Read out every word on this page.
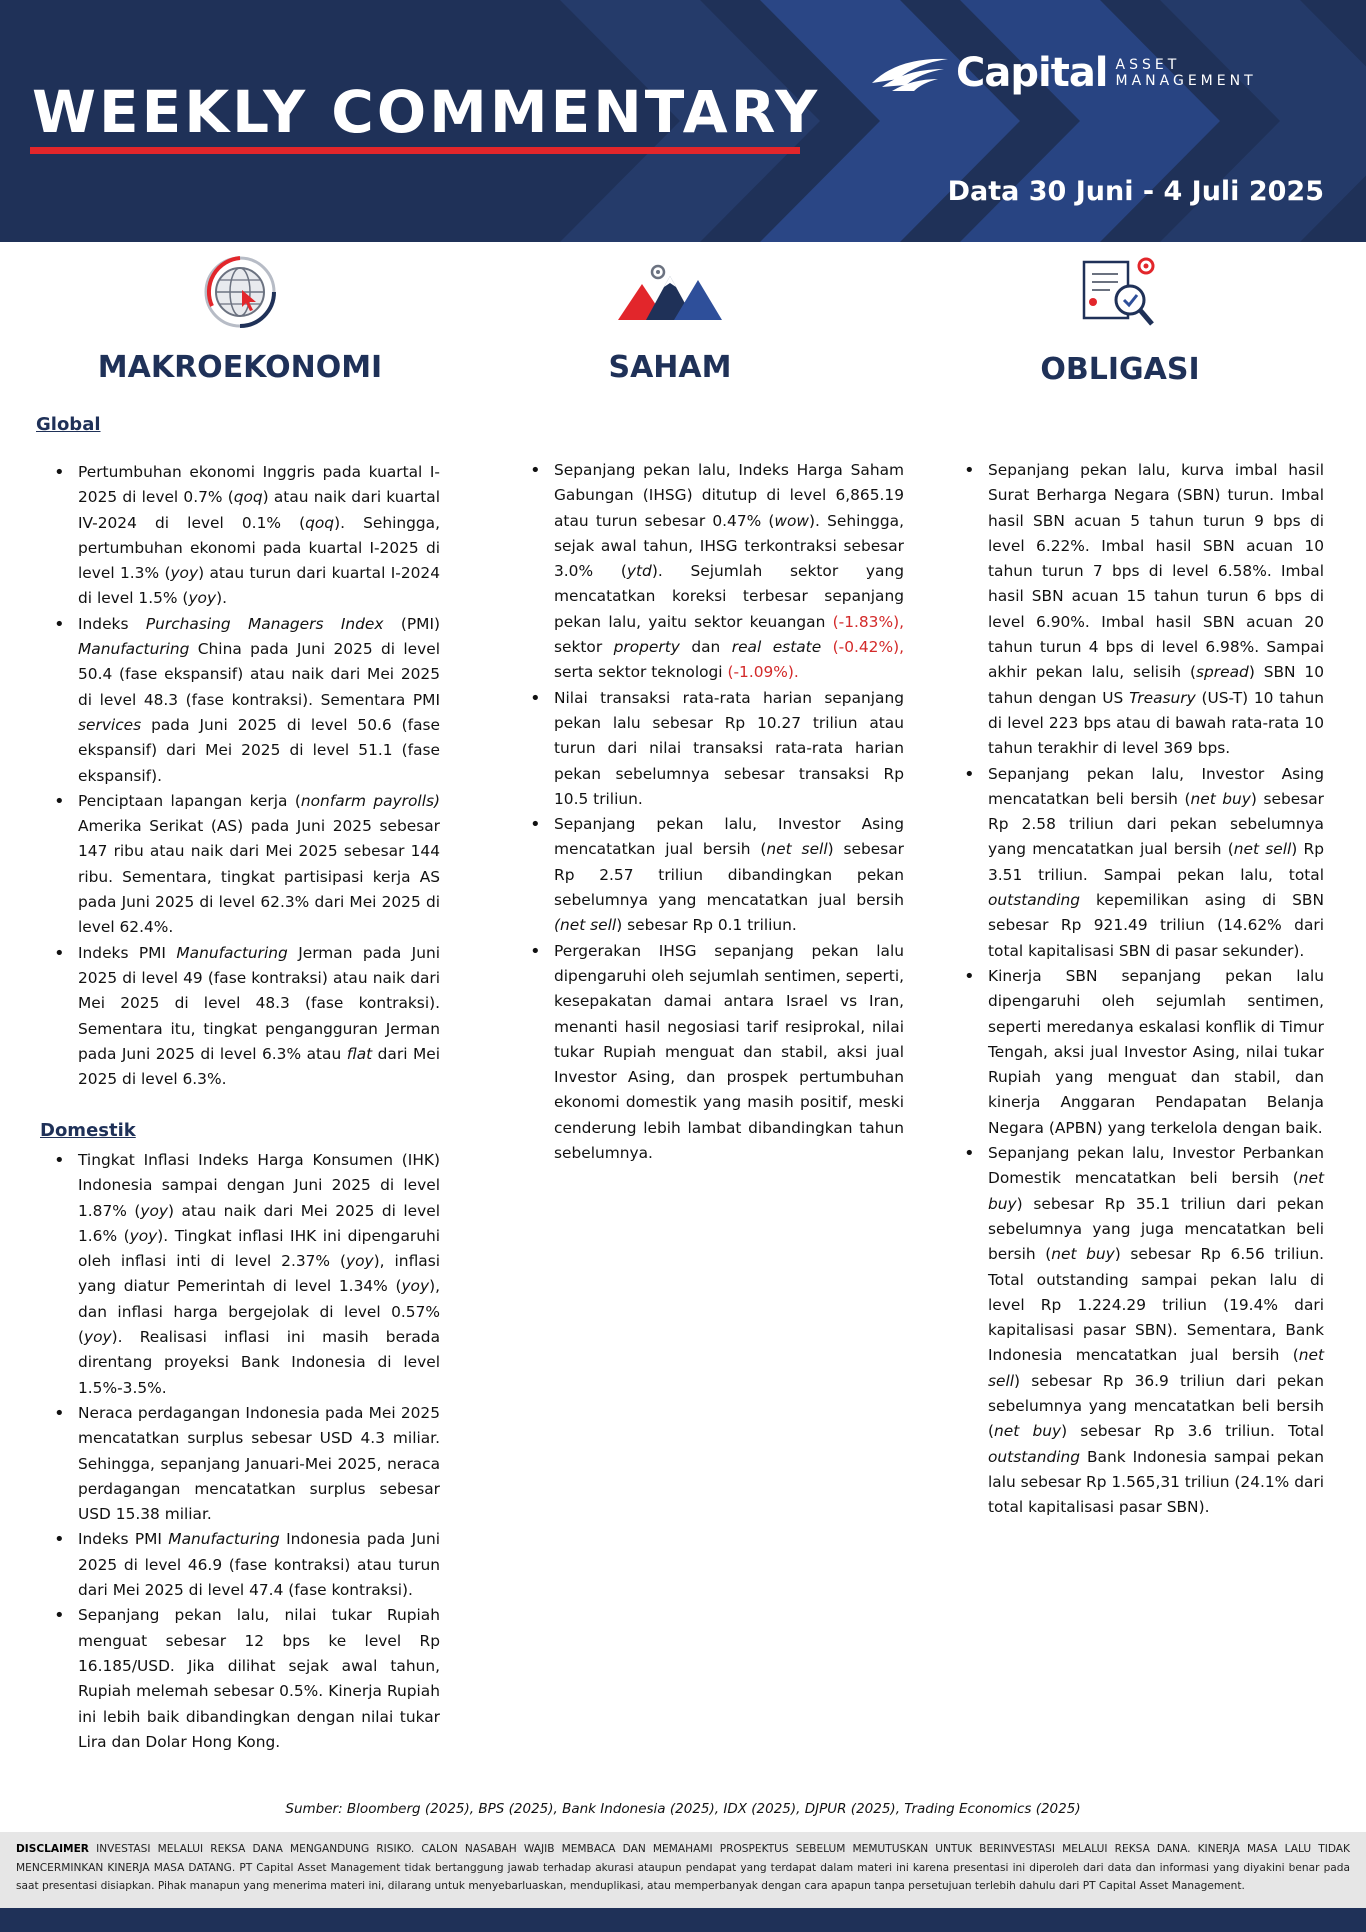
WEEKLY COMMENTARY
Capital ASSET
MANAGEMENT
Data 30 Juni - 4 Juli 2025
MAKROEKONOMI	SAHAM	OBLIGASI
Global
• Pertumbuhan ekonomi Inggris pada kuartal I-2025 di level 0.7% (qoq) atau naik dari kuartal IV-2024 di level 0.1% (qoq). Sehingga, pertumbuhan ekonomi pada kuartal I-2025 di level 1.3% (yoy) atau turun dari kuartal I-2024 di level 1.5% (yoy).
• Indeks Purchasing Managers Index (PMI) Manufacturing China pada Juni 2025 di level 50.4 (fase ekspansif) atau naik dari Mei 2025 di level 48.3 (fase kontraksi). Sementara PMI services pada Juni 2025 di level 50.6 (fase ekspansif) dari Mei 2025 di level 51.1 (fase ekspansif).
• Penciptaan lapangan kerja (nonfarm payrolls) Amerika Serikat (AS) pada Juni 2025 sebesar 147 ribu atau naik dari Mei 2025 sebesar 144 ribu. Sementara, tingkat partisipasi kerja AS pada Juni 2025 di level 62.3% dari Mei 2025 di level 62.4%.
• Indeks PMI Manufacturing Jerman pada Juni 2025 di level 49 (fase kontraksi) atau naik dari Mei 2025 di level 48.3 (fase kontraksi). Sementara itu, tingkat pengangguran Jerman pada Juni 2025 di level 6.3% atau flat dari Mei 2025 di level 6.3%.
Domestik
• Tingkat Inflasi Indeks Harga Konsumen (IHK) Indonesia sampai dengan Juni 2025 di level 1.87% (yoy) atau naik dari Mei 2025 di level 1.6% (yoy). Tingkat inflasi IHK ini dipengaruhi oleh inflasi inti di level 2.37% (yoy), inflasi yang diatur Pemerintah di level 1.34% (yoy), dan inflasi harga bergejolak di level 0.57% (yoy). Realisasi inflasi ini masih berada direntang proyeksi Bank Indonesia di level 1.5%-3.5%.
• Neraca perdagangan Indonesia pada Mei 2025 mencatatkan surplus sebesar USD 4.3 miliar. Sehingga, sepanjang Januari-Mei 2025, neraca perdagangan mencatatkan surplus sebesar USD 15.38 miliar.
• Indeks PMI Manufacturing Indonesia pada Juni 2025 di level 46.9 (fase kontraksi) atau turun dari Mei 2025 di level 47.4 (fase kontraksi).
• Sepanjang pekan lalu, nilai tukar Rupiah menguat sebesar 12 bps ke level Rp 16.185/USD. Jika dilihat sejak awal tahun, Rupiah melemah sebesar 0.5%. Kinerja Rupiah ini lebih baik dibandingkan dengan nilai tukar Lira dan Dolar Hong Kong.
• Sepanjang pekan lalu, Indeks Harga Saham Gabungan (IHSG) ditutup di level 6,865.19 atau turun sebesar 0.47% (wow). Sehingga, sejak awal tahun, IHSG terkontraksi sebesar 3.0% (ytd). Sejumlah sektor yang mencatatkan koreksi terbesar sepanjang pekan lalu, yaitu sektor keuangan (-1.83%), sektor property dan real estate (-0.42%), serta sektor teknologi (-1.09%).
• Nilai transaksi rata-rata harian sepanjang pekan lalu sebesar Rp 10.27 triliun atau turun dari nilai transaksi rata-rata harian pekan sebelumnya sebesar transaksi Rp 10.5 triliun.
• Sepanjang pekan lalu, Investor Asing mencatatkan jual bersih (net sell) sebesar Rp 2.57 triliun dibandingkan pekan sebelumnya yang mencatatkan jual bersih (net sell) sebesar Rp 0.1 triliun.
• Pergerakan IHSG sepanjang pekan lalu dipengaruhi oleh sejumlah sentimen, seperti, kesepakatan damai antara Israel vs Iran, menanti hasil negosiasi tarif resiprokal, nilai tukar Rupiah menguat dan stabil, aksi jual Investor Asing, dan prospek pertumbuhan ekonomi domestik yang masih positif, meski cenderung lebih lambat dibandingkan tahun sebelumnya.
• Sepanjang pekan lalu, kurva imbal hasil Surat Berharga Negara (SBN) turun. Imbal hasil SBN acuan 5 tahun turun 9 bps di level 6.22%. Imbal hasil SBN acuan 10 tahun turun 7 bps di level 6.58%. Imbal hasil SBN acuan 15 tahun turun 6 bps di level 6.90%. Imbal hasil SBN acuan 20 tahun turun 4 bps di level 6.98%. Sampai akhir pekan lalu, selisih (spread) SBN 10 tahun dengan US Treasury (US-T) 10 tahun di level 223 bps atau di bawah rata-rata 10 tahun terakhir di level 369 bps.
• Sepanjang pekan lalu, Investor Asing mencatatkan beli bersih (net buy) sebesar Rp 2.58 triliun dari pekan sebelumnya yang mencatatkan jual bersih (net sell) Rp 3.51 triliun. Sampai pekan lalu, total outstanding kepemilikan asing di SBN sebesar Rp 921.49 triliun (14.62% dari total kapitalisasi SBN di pasar sekunder).
• Kinerja SBN sepanjang pekan lalu dipengaruhi oleh sejumlah sentimen, seperti meredanya eskalasi konflik di Timur Tengah, aksi jual Investor Asing, nilai tukar Rupiah yang menguat dan stabil, dan kinerja Anggaran Pendapatan Belanja Negara (APBN) yang terkelola dengan baik.
• Sepanjang pekan lalu, Investor Perbankan Domestik mencatatkan beli bersih (net buy) sebesar Rp 35.1 triliun dari pekan sebelumnya yang juga mencatatkan beli bersih (net buy) sebesar Rp 6.56 triliun. Total outstanding sampai pekan lalu di level Rp 1.224.29 triliun (19.4% dari kapitalisasi pasar SBN). Sementara, Bank Indonesia mencatatkan jual bersih (net sell) sebesar Rp 36.9 triliun dari pekan sebelumnya yang mencatatkan beli bersih (net buy) sebesar Rp 3.6 triliun. Total outstanding Bank Indonesia sampai pekan lalu sebesar Rp 1.565,31 triliun (24.1% dari total kapitalisasi pasar SBN).
Sumber: Bloomberg (2025), BPS (2025), Bank Indonesia (2025), IDX (2025), DJPUR (2025), Trading Economics (2025)
DISCLAIMER INVESTASI MELALUI REKSA DANA MENGANDUNG RISIKO. CALON NASABAH WAJIB MEMBACA DAN MEMAHAMI PROSPEKTUS SEBELUM MEMUTUSKAN UNTUK BERINVESTASI MELALUI REKSA DANA. KINERJA MASA LALU TIDAK MENCERMINKAN KINERJA MASA DATANG. PT Capital Asset Management tidak bertanggung jawab terhadap akurasi ataupun pendapat yang terdapat dalam materi ini karena presentasi ini diperoleh dari data dan informasi yang diyakini benar pada saat presentasi disiapkan. Pihak manapun yang menerima materi ini, dilarang untuk menyebarluaskan, menduplikasi, atau memperbanyak dengan cara apapun tanpa persetujuan terlebih dahulu dari PT Capital Asset Management.
